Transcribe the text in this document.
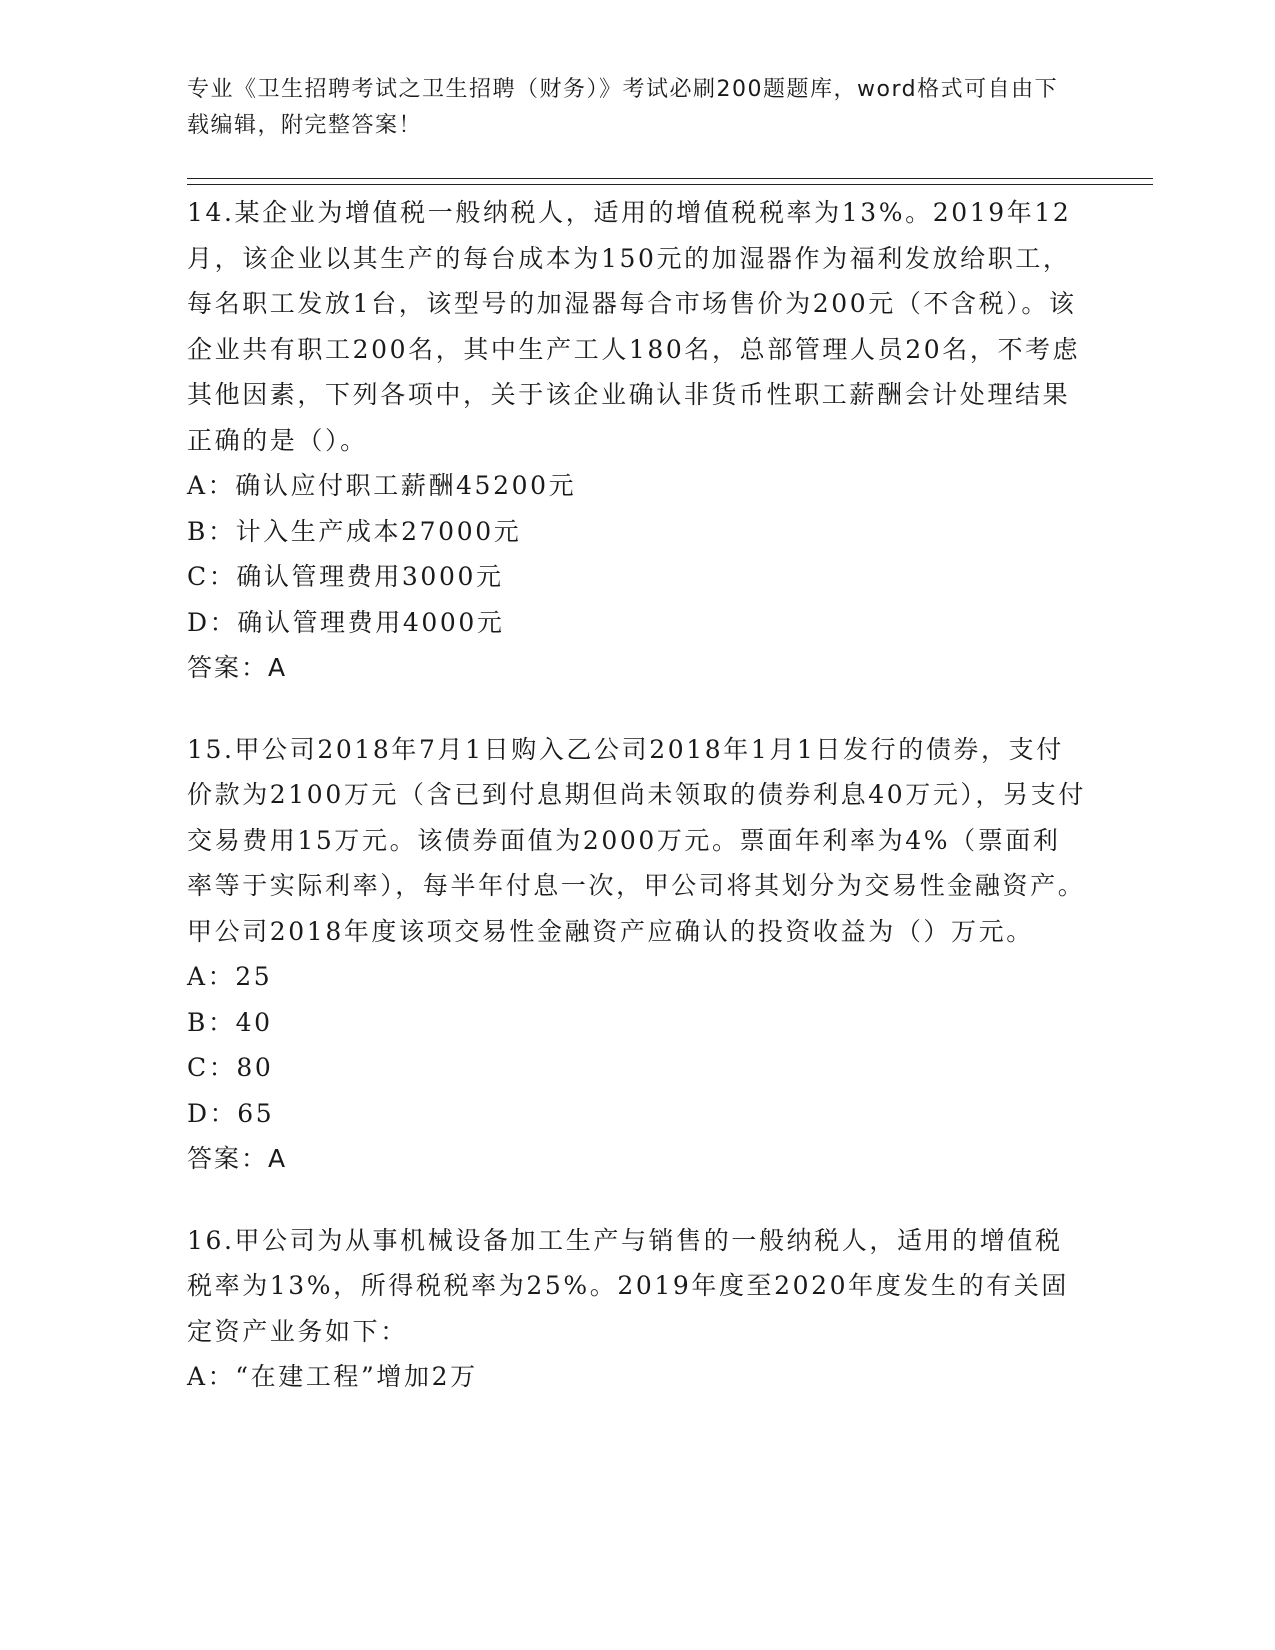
专业《卫生招聘考试之卫生招聘（财务）》考试必刷200题题库，word格式可自由下载编辑，附完整答案！

14.某企业为增值税一般纳税人，适用的增值税税率为13%。2019年12月，该企业以其生产的每台成本为150元的加湿器作为福利发放给职工，每名职工发放1台，该型号的加湿器每合市场售价为200元（不含税）。该企业共有职工200名，其中生产工人180名，总部管理人员20名，不考虑其他因素，下列各项中，关于该企业确认非货币性职工薪酬会计处理结果正确的是（）。

A：确认应付职工薪酬45200元

B：计入生产成本27000元

C：确认管理费用3000元

D：确认管理费用4000元

答案：A

15.甲公司2018年7月1日购入乙公司2018年1月1日发行的债券，支付价款为2100万元（含已到付息期但尚未领取的债券利息40万元），另支付交易费用15万元。该债券面值为2000万元。票面年利率为4%（票面利率等于实际利率），每半年付息一次，甲公司将其划分为交易性金融资产。甲公司2018年度该项交易性金融资产应确认的投资收益为（）万元。

A：25

B：40

C：80

D：65

答案：A

16.甲公司为从事机械设备加工生产与销售的一般纳税人，适用的增值税税率为13%，所得税税率为25%。2019年度至2020年度发生的有关固定资产业务如下：

A：“在建工程”增加2万
